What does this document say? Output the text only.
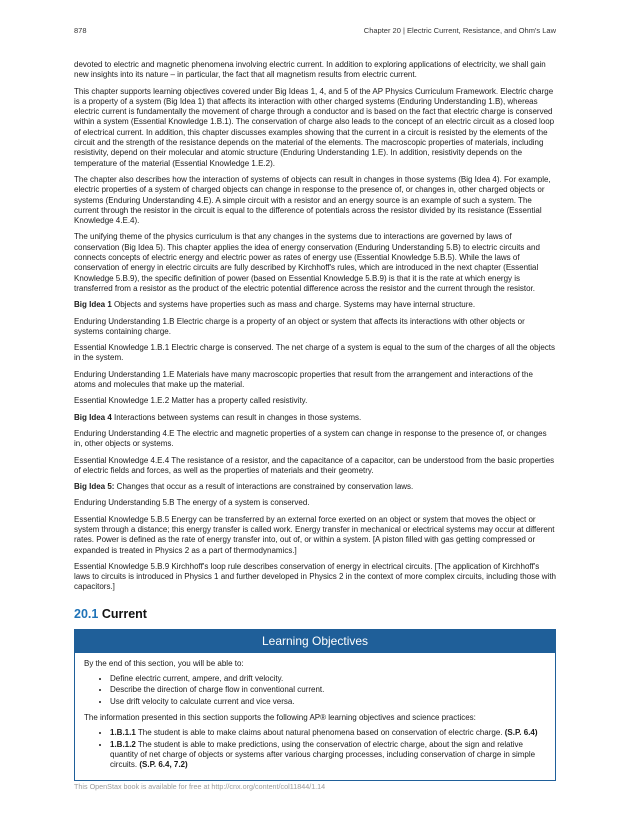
878	Chapter 20 | Electric Current, Resistance, and Ohm's Law

devoted to electric and magnetic phenomena involving electric current. In addition to exploring applications of electricity, we shall gain new insights into its nature – in particular, the fact that all magnetism results from electric current.

This chapter supports learning objectives covered under Big Ideas 1, 4, and 5 of the AP Physics Curriculum Framework. Electric charge is a property of a system (Big Idea 1) that affects its interaction with other charged systems (Enduring Understanding 1.B), whereas electric current is fundamentally the movement of charge through a conductor and is based on the fact that electric charge is conserved within a system (Essential Knowledge 1.B.1). The conservation of charge also leads to the concept of an electric circuit as a closed loop of electrical current. In addition, this chapter discusses examples showing that the current in a circuit is resisted by the elements of the circuit and the strength of the resistance depends on the material of the elements. The macroscopic properties of materials, including resistivity, depend on their molecular and atomic structure (Enduring Understanding 1.E). In addition, resistivity depends on the temperature of the material (Essential Knowledge 1.E.2).

The chapter also describes how the interaction of systems of objects can result in changes in those systems (Big Idea 4). For example, electric properties of a system of charged objects can change in response to the presence of, or changes in, other charged objects or systems (Enduring Understanding 4.E). A simple circuit with a resistor and an energy source is an example of such a system. The current through the resistor in the circuit is equal to the difference of potentials across the resistor divided by its resistance (Essential Knowledge 4.E.4).

The unifying theme of the physics curriculum is that any changes in the systems due to interactions are governed by laws of conservation (Big Idea 5). This chapter applies the idea of energy conservation (Enduring Understanding 5.B) to electric circuits and connects concepts of electric energy and electric power as rates of energy use (Essential Knowledge 5.B.5). While the laws of conservation of energy in electric circuits are fully described by Kirchhoff's rules, which are introduced in the next chapter (Essential Knowledge 5.B.9), the specific definition of power (based on Essential Knowledge 5.B.9) is that it is the rate at which energy is transferred from a resistor as the product of the electric potential difference across the resistor and the current through the resistor.

Big Idea 1 Objects and systems have properties such as mass and charge. Systems may have internal structure.

Enduring Understanding 1.B Electric charge is a property of an object or system that affects its interactions with other objects or systems containing charge.

Essential Knowledge 1.B.1 Electric charge is conserved. The net charge of a system is equal to the sum of the charges of all the objects in the system.

Enduring Understanding 1.E Materials have many macroscopic properties that result from the arrangement and interactions of the atoms and molecules that make up the material.

Essential Knowledge 1.E.2 Matter has a property called resistivity.

Big Idea 4 Interactions between systems can result in changes in those systems.

Enduring Understanding 4.E The electric and magnetic properties of a system can change in response to the presence of, or changes in, other objects or systems.

Essential Knowledge 4.E.4 The resistance of a resistor, and the capacitance of a capacitor, can be understood from the basic properties of electric fields and forces, as well as the properties of materials and their geometry.

Big Idea 5: Changes that occur as a result of interactions are constrained by conservation laws.

Enduring Understanding 5.B The energy of a system is conserved.

Essential Knowledge 5.B.5 Energy can be transferred by an external force exerted on an object or system that moves the object or system through a distance; this energy transfer is called work. Energy transfer in mechanical or electrical systems may occur at different rates. Power is defined as the rate of energy transfer into, out of, or within a system. [A piston filled with gas getting compressed or expanded is treated in Physics 2 as a part of thermodynamics.]

Essential Knowledge 5.B.9 Kirchhoff's loop rule describes conservation of energy in electrical circuits. [The application of Kirchhoff's laws to circuits is introduced in Physics 1 and further developed in Physics 2 in the context of more complex circuits, including those with capacitors.]

20.1 Current
Learning Objectives

By the end of this section, you will be able to:

• Define electric current, ampere, and drift velocity.
• Describe the direction of charge flow in conventional current.
• Use drift velocity to calculate current and vice versa.

The information presented in this section supports the following AP® learning objectives and science practices:

• 1.B.1.1 The student is able to make claims about natural phenomena based on conservation of electric charge. (S.P. 6.4)
• 1.B.1.2 The student is able to make predictions, using the conservation of electric charge, about the sign and relative quantity of net charge of objects or systems after various charging processes, including conservation of charge in simple circuits. (S.P. 6.4, 7.2)
This OpenStax book is available for free at http://cnx.org/content/col11844/1.14
